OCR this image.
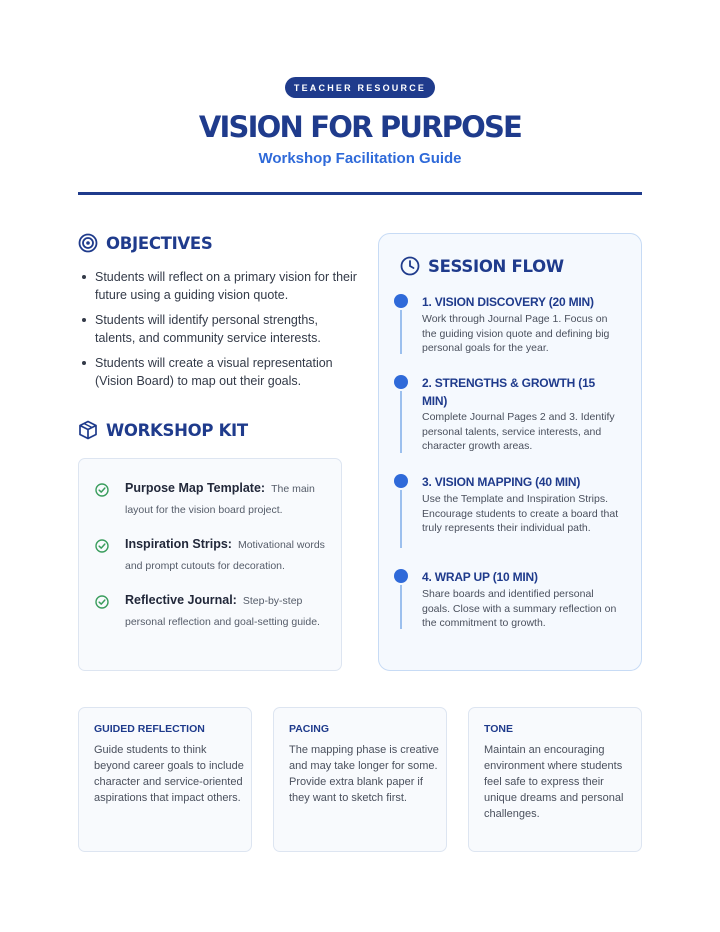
TEACHER RESOURCE
VISION FOR PURPOSE
Workshop Facilitation Guide
OBJECTIVES
Students will reflect on a primary vision for their future using a guiding vision quote.
Students will identify personal strengths, talents, and community service interests.
Students will create a visual representation (Vision Board) to map out their goals.
WORKSHOP KIT
Purpose Map Template: The main layout for the vision board project.
Inspiration Strips: Motivational words and prompt cutouts for decoration.
Reflective Journal: Step-by-step personal reflection and goal-setting guide.
SESSION FLOW
1. VISION DISCOVERY (20 MIN)
Work through Journal Page 1. Focus on the guiding vision quote and defining big personal goals for the year.
2. STRENGTHS & GROWTH (15 MIN)
Complete Journal Pages 2 and 3. Identify personal talents, service interests, and character growth areas.
3. VISION MAPPING (40 MIN)
Use the Template and Inspiration Strips. Encourage students to create a board that truly represents their individual path.
4. WRAP UP (10 MIN)
Share boards and identified personal goals. Close with a summary reflection on the commitment to growth.
GUIDED REFLECTION
Guide students to think beyond career goals to include character and service-oriented aspirations that impact others.
PACING
The mapping phase is creative and may take longer for some. Provide extra blank paper if they want to sketch first.
TONE
Maintain an encouraging environment where students feel safe to express their unique dreams and personal challenges.
